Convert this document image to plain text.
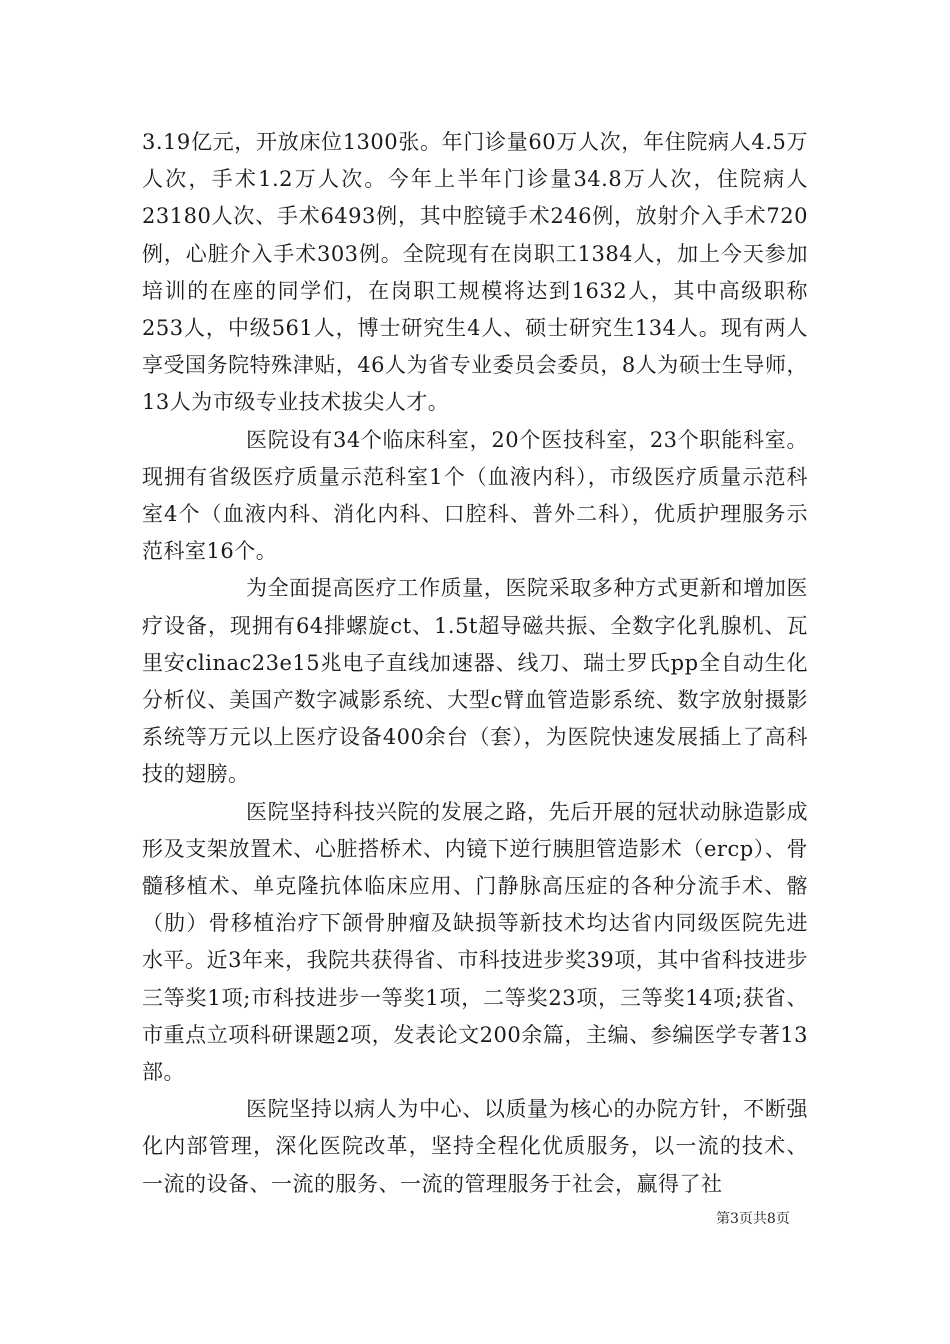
3.19亿元，开放床位1300张。年门诊量60万人次，年住院病人4.5万人次，手术1.2万人次。今年上半年门诊量34.8万人次，住院病人23180人次、手术6493例，其中腔镜手术246例，放射介入手术720例，心脏介入手术303例。全院现有在岗职工1384人，加上今天参加培训的在座的同学们，在岗职工规模将达到1632人，其中高级职称253人，中级561人，博士研究生4人、硕士研究生134人。现有两人享受国务院特殊津贴，46人为省专业委员会委员，8人为硕士生导师，13人为市级专业技术拔尖人才。

医院设有34个临床科室，20个医技科室，23个职能科室。现拥有省级医疗质量示范科室1个（血液内科），市级医疗质量示范科室4个（血液内科、消化内科、口腔科、普外二科），优质护理服务示范科室16个。

为全面提高医疗工作质量，医院采取多种方式更新和增加医疗设备，现拥有64排螺旋ct、1.5t超导磁共振、全数字化乳腺机、瓦里安clinac23e15兆电子直线加速器、线刀、瑞士罗氏pp全自动生化分析仪、美国产数字减影系统、大型c臂血管造影系统、数字放射摄影系统等万元以上医疗设备400余台（套），为医院快速发展插上了高科技的翅膀。

医院坚持科技兴院的发展之路，先后开展的冠状动脉造影成形及支架放置术、心脏搭桥术、内镜下逆行胰胆管造影术（ercp）、骨髓移植术、单克隆抗体临床应用、门静脉高压症的各种分流手术、髂（肋）骨移植治疗下颌骨肿瘤及缺损等新技术均达省内同级医院先进水平。近3年来，我院共获得省、市科技进步奖39项，其中省科技进步三等奖1项;市科技进步一等奖1项，二等奖23项，三等奖14项;获省、市重点立项科研课题2项，发表论文200余篇，主编、参编医学专著13部。

医院坚持以病人为中心、以质量为核心的办院方针，不断强化内部管理，深化医院改革，坚持全程化优质服务，以一流的技术、一流的设备、一流的服务、一流的管理服务于社会，赢得了社

第3页共8页
